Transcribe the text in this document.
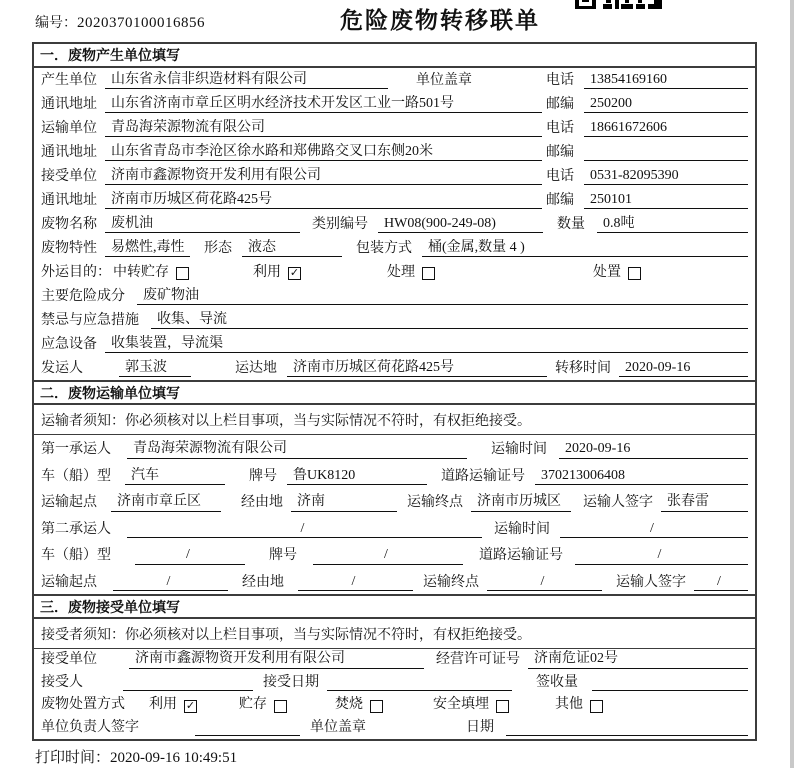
编号：2020370100016856	危险废物转移联单
一．废物产生单位填写
产生单位	山东省永信非织造材料有限公司	单位盖章	电话	13854169160
通讯地址	山东省济南市章丘区明水经济技术开发区工业一路501号	邮编	250200
运输单位	青岛海荣源物流有限公司	电话	18661672606
通讯地址	山东省青岛市李沧区徐水路和郑佛路交叉口东侧20米	邮编
接受单位	济南市鑫源物资开发利用有限公司	电话	0531-82095390
通讯地址	济南市历城区荷花路425号	邮编	250101
废物名称	废机油	类别编号	HW08(900-249-08)	数量	0.8吨
废物特性	易燃性,毒性	形态	液态	包装方式	桶(金属,数量 4 )
外运目的： 中转贮存	利用 ✓	处理	处置
主要危险成分	废矿物油
禁忌与应急措施	收集、导流
应急设备	收集装置，导流渠
发运人	郭玉波	运达地	济南市历城区荷花路425号	转移时间	2020-09-16
二．废物运输单位填写
运输者须知：你必须核对以上栏目事项，当与实际情况不符时，有权拒绝接受。
第一承运人	青岛海荣源物流有限公司	运输时间	2020-09-16
车（船）型	汽车	牌号	鲁UK8120	道路运输证号	370213006408
运输起点	济南市章丘区	经由地	济南	运输终点	济南市历城区	运输人签字	张春雷
第二承运人	/	运输时间	/
车（船）型	/	牌号	/	道路运输证号	/
运输起点	/	经由地	/	运输终点	/	运输人签字	/
三．废物接受单位填写
接受者须知：你必须核对以上栏目事项，当与实际情况不符时，有权拒绝接受。
接受单位	济南市鑫源物资开发利用有限公司	经营许可证号	济南危证02号
接受人	接受日期	签收量
废物处置方式 利用 ✓	贮存	焚烧	安全填埋	其他
单位负责人签字	单位盖章	日期
打印时间：2020-09-16 10:49:51
